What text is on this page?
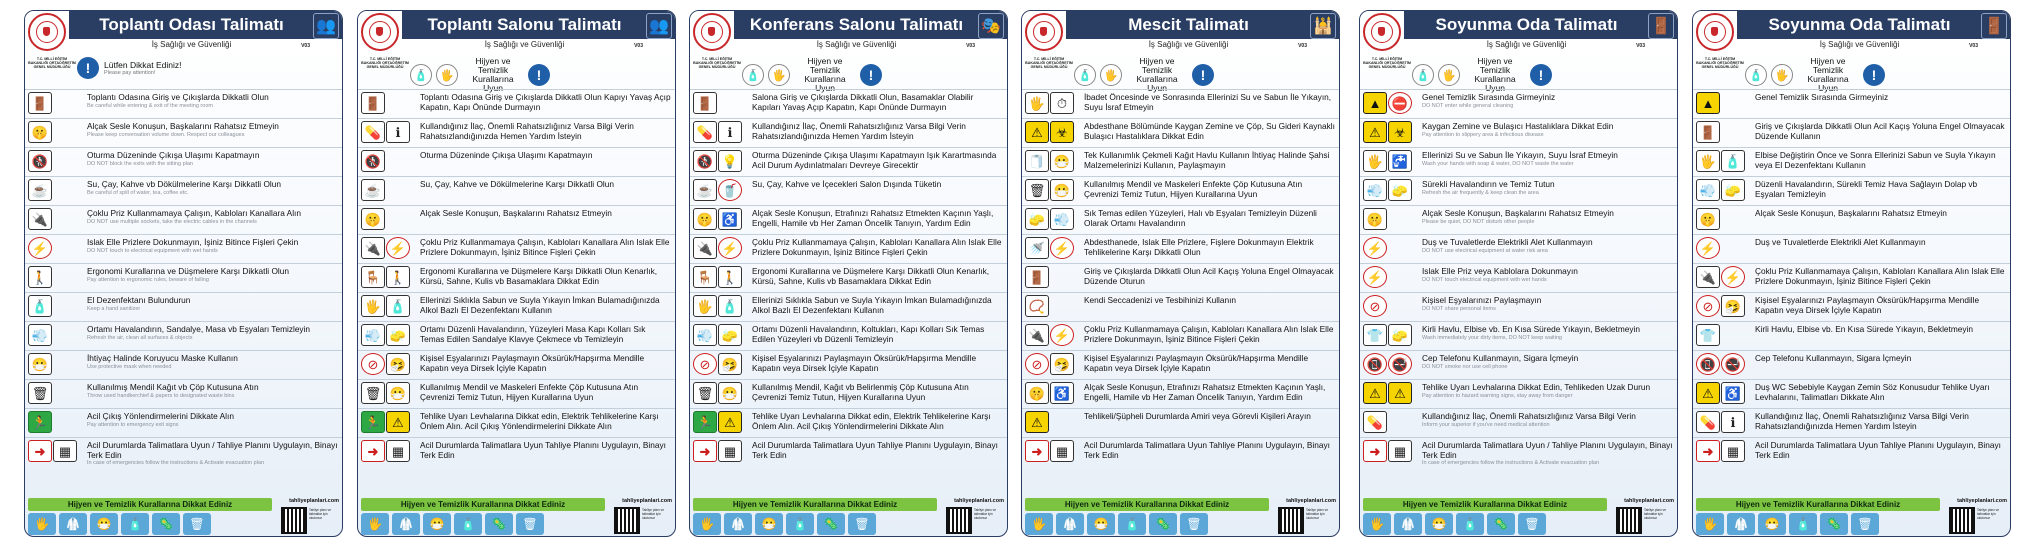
Toplantı Odası Talimatı	👥
İş Sağlığı ve Güvenliği	V03
T.C. MİLLÎ EĞİTİM BAKANLIĞI ORTAÖĞRETİM GENEL MÜDÜRLÜĞÜ	!	Lütfen Dikkat Ediniz!
Please pay attention!
🚪	Toplantı Odasına Giriş ve Çıkışlarda Dikkatli Olun
Be careful while entering & exit of the meeting room
🤫	Alçak Sesle Konuşun, Başkalarını Rahatsız Etmeyin
Please keep conversation volume down. Respect our colleagues
🚷	Oturma Düzeninde Çıkışa Ulaşımı Kapatmayın
DO NOT block the exits with the sitting plan
☕	Su, Çay, Kahve vb Dökülmelerine Karşı Dikkatli Olun
Be careful of spill of water, tea, coffee etc.
🔌	Çoklu Priz Kullanmamaya Çalışın, Kabloları Kanallara Alın
DO NOT use multiple sockets, take the electric cables in the channels
⚡	Islak Elle Prizlere Dokunmayın, İşiniz Bitince Fişleri Çekin
DO NOT touch to electrical equipment with wet hands
🚶	Ergonomi Kurallarına ve Düşmelere Karşı Dikkatli Olun
Pay attention to ergonomic rules, beware of falling
🧴	El Dezenfektanı Bulundurun
Keep a hand sanitizer
💨	Ortamı Havalandırın, Sandalye, Masa vb Eşyaları Temizleyin
Refresh the air, clean all surfaces & objects
😷	İhtiyaç Halinde Koruyucu Maske Kullanın
Use protective mask when needed
🗑	Kullanılmış Mendil Kağıt vb Çöp Kutusuna Atın
Throw used handkerchief & papers to designated waste bins
🏃	Acil Çıkış Yönlendirmelerini Dikkate Alın
Pay attention to emergency exit signs
➜	▦	Acil Durumlarda Talimatlara Uyun / Tahliye Planını Uygulayın, Binayı Terk Edin
In case of emergencies follow the instructions & Activate evacuation plan
Hijyen ve Temizlik Kurallarına Dikkat Ediniz
🖐	🥼	😷	🧴	🦠	🗑
tahliyeplanlari.com
Tahliye planı ve talimatlar için okutunuz
Toplantı Salonu Talimatı	👥
İş Sağlığı ve Güvenliği	V03
T.C. MİLLÎ EĞİTİM BAKANLIĞI ORTAÖĞRETİM GENEL MÜDÜRLÜĞÜ
🧴	🖐
Hijyen ve Temizlik Kurallarına Uyun
!
🚪	Toplantı Odasına Giriş ve Çıkışlarda Dikkatli Olun Kapıyı Yavaş Açıp Kapatın, Kapı Önünde Durmayın
💊	ℹ	Kullandığınız İlaç, Önemli Rahatsızlığınız Varsa Bilgi Verin Rahatsızlandığınızda Hemen Yardım İsteyin
🚷	Oturma Düzeninde Çıkışa Ulaşımı Kapatmayın
☕	Su, Çay, Kahve ve Dökülmelerine Karşı Dikkatli Olun
🤫	Alçak Sesle Konuşun, Başkalarını Rahatsız Etmeyin
🔌 ⚡	Çoklu Priz Kullanmamaya Çalışın, Kabloları Kanallara Alın Islak Elle Prizlere Dokunmayın, İşiniz Bitince Fişleri Çekin
🪑 🚶	Ergonomi Kurallarına ve Düşmelere Karşı Dikkatli Olun Kenarlık, Kürsü, Sahne, Kulis vb Basamaklara Dikkat Edin
🖐 🧴	Ellerinizi Sıklıkla Sabun ve Suyla Yıkayın İmkan Bulamadığınızda Alkol Bazlı El Dezenfektanı Kullanın
💨 🧽	Ortamı Düzenli Havalandırın, Yüzeyleri Masa Kapı Kolları Sık Temas Edilen Sandalye Klavye Çekmece vb Temizleyin
⊘ 🤧	Kişisel Eşyalarınızı Paylaşmayın Öksürük/Hapşırma Mendille Kapatın veya Dirsek İçiyle Kapatın
🗑 😷	Kullanılmış Mendil ve Maskeleri Enfekte Çöp Kutusuna Atın Çevrenizi Temiz Tutun, Hijyen Kurallarına Uyun
🏃 ⚠	Tehlike Uyarı Levhalarına Dikkat edin, Elektrik Tehlikelerine Karşı Önlem Alın. Acil Çıkış Yönlendirmelerini Dikkate Alın
➜	▦	Acil Durumlarda Talimatlara Uyun Tahliye Planını Uygulayın, Binayı Terk Edin
Hijyen ve Temizlik Kurallarına Dikkat Ediniz
🖐	🥼	😷	🧴	🦠	🗑
tahliyeplanlari.com
Tahliye planı ve talimatlar için okutunuz
Konferans Salonu Talimatı	🎭
İş Sağlığı ve Güvenliği	V03
T.C. MİLLÎ EĞİTİM BAKANLIĞI ORTAÖĞRETİM GENEL MÜDÜRLÜĞÜ
🧴	🖐
Hijyen ve Temizlik Kurallarına Uyun
!
🚪	Salona Giriş ve Çıkışlarda Dikkatli Olun, Basamaklar Olabilir Kapıları Yavaş Açıp Kapatın, Kapı Önünde Durmayın
💊	ℹ	Kullandığınız İlaç, Önemli Rahatsızlığınız Varsa Bilgi Verin Rahatsızlandığınızda Hemen Yardım İsteyin
🚷 💡	Oturma Düzeninde Çıkışa Ulaşımı Kapatmayın Işık Karartmasında Acil Durum Aydınlatmaları Devreye Girecektir
☕ 🥤	Su, Çay, Kahve ve İçecekleri Salon Dışında Tüketin
🤫 ♿	Alçak Sesle Konuşun, Etrafınızı Rahatsız Etmekten Kaçının Yaşlı, Engelli, Hamile vb Her Zaman Öncelik Tanıyın, Yardım Edin
🔌 ⚡	Çoklu Priz Kullanmamaya Çalışın, Kabloları Kanallara Alın Islak Elle Prizlere Dokunmayın, İşiniz Bitince Fişleri Çekin
🪑 🚶	Ergonomi Kurallarına ve Düşmelere Karşı Dikkatli Olun Kenarlık, Kürsü, Sahne, Kulis vb Basamaklara Dikkat Edin
🖐 🧴	Ellerinizi Sıklıkla Sabun ve Suyla Yıkayın İmkan Bulamadığınızda Alkol Bazlı El Dezenfektanı Kullanın
💨 🧽	Ortamı Düzenli Havalandırın, Koltukları, Kapı Kolları Sık Temas Edilen Yüzeyleri vb Düzenli Temizleyin
⊘ 🤧	Kişisel Eşyalarınızı Paylaşmayın Öksürük/Hapşırma Mendille Kapatın veya Dirsek İçiyle Kapatın
🗑 😷	Kullanılmış Mendil, Kağıt vb Belirlenmiş Çöp Kutusuna Atın Çevrenizi Temiz Tutun, Hijyen Kurallarına Uyun
🏃 ⚠	Tehlike Uyarı Levhalarına Dikkat edin, Elektrik Tehlikelerine Karşı Önlem Alın. Acil Çıkış Yönlendirmelerini Dikkate Alın
➜	▦	Acil Durumlarda Talimatlara Uyun Tahliye Planını Uygulayın, Binayı Terk Edin
Hijyen ve Temizlik Kurallarına Dikkat Ediniz
🖐	🥼	😷	🧴	🦠	🗑
tahliyeplanlari.com
Tahliye planı ve talimatlar için okutunuz
Mescit Talimatı	🕌
İş Sağlığı ve Güvenliği	V03
T.C. MİLLÎ EĞİTİM BAKANLIĞI ORTAÖĞRETİM GENEL MÜDÜRLÜĞÜ
🧴	🖐
Hijyen ve Temizlik Kurallarına Uyun
!
🖐 ⏱	İbadet Öncesinde ve Sonrasında Ellerinizi Su ve Sabun İle Yıkayın, Suyu İsraf Etmeyin
⚠	☣	Abdesthane Bölümünde Kaygan Zemine ve Çöp, Su Gideri Kaynaklı Bulaşıcı Hastalıklara Dikkat Edin
🧻 😷	Tek Kullanımlık Çekmeli Kağıt Havlu Kullanın İhtiyaç Halinde Şahsi Malzemelerinizi Kullanın, Paylaşmayın
🗑 😷	Kullanılmış Mendil ve Maskeleri Enfekte Çöp Kutusuna Atın Çevrenizi Temiz Tutun, Hijyen Kurallarına Uyun
🧽 💨	Sık Temas edilen Yüzeyleri, Halı vb Eşyaları Temizleyin Düzenli Olarak Ortamı Havalandırın
🚿 ⚡	Abdesthanede, Islak Elle Prizlere, Fişlere Dokunmayın Elektrik Tehlikelerine Karşı Dikkatli Olun
🚪	Giriş ve Çıkışlarda Dikkatli Olun Acil Kaçış Yoluna Engel Olmayacak Düzende Oturun
📿	Kendi Seccadenizi ve Tesbihinizi Kullanın
🔌 ⚡	Çoklu Priz Kullanmamaya Çalışın, Kabloları Kanallara Alın Islak Elle Prizlere Dokunmayın, İşiniz Bitince Fişleri Çekin
⊘ 🤧	Kişisel Eşyalarınızı Paylaşmayın Öksürük/Hapşırma Mendille Kapatın veya Dirsek İçiyle Kapatın
🤫 ♿	Alçak Sesle Konuşun, Etrafınızı Rahatsız Etmekten Kaçının Yaşlı, Engelli, Hamile vb Her Zaman Öncelik Tanıyın, Yardım Edin
⚠	Tehlikeli/Şüpheli Durumlarda Amiri veya Görevli Kişileri Arayın
➜	▦	Acil Durumlarda Talimatlara Uyun Tahliye Planını Uygulayın, Binayı Terk Edin
Hijyen ve Temizlik Kurallarına Dikkat Ediniz
🖐	🥼	😷	🧴	🦠	🗑
tahliyeplanlari.com
Tahliye planı ve talimatlar için okutunuz
Soyunma Oda Talimatı	🚪
İş Sağlığı ve Güvenliği	V03
T.C. MİLLÎ EĞİTİM BAKANLIĞI ORTAÖĞRETİM GENEL MÜDÜRLÜĞÜ
🧴	🖐
Hijyen ve Temizlik Kurallarına Uyun
!
▲ ⛔	Genel Temizlik Sırasında Girmeyiniz
DO NOT enter while general cleaning
⚠	☣	Kaygan Zemine ve Bulaşıcı Hastalıklara Dikkat Edin
Pay attention to slippery area & infectious disease
🖐 🚰	Ellerinizi Su ve Sabun İle Yıkayın, Suyu İsraf Etmeyin
Wash your hands with soap & water, DO NOT waste the water
💨 🧽	Sürekli Havalandırın ve Temiz Tutun
Refresh the air frequently & keep clean the area
🤫	Alçak Sesle Konuşun, Başkalarını Rahatsız Etmeyin
Please be quiet, DO NOT disturb other people
⚡	Duş ve Tuvaletlerde Elektrikli Alet Kullanmayın
DO NOT use electrical equipment at water risk area
⚡	Islak Elle Priz veya Kablolara Dokunmayın
DO NOT touch electrical equipment with wet hands
⊘	Kişisel Eşyalarınızı Paylaşmayın
DO NOT share personal items
👕 🧽	Kirli Havlu, Elbise vb. En Kısa Sürede Yıkayın, Bekletmeyin
Wash immediately your dirty items, DO NOT keep waiting
📵 🚭	Cep Telefonu Kullanmayın, Sigara İçmeyin
DO NOT smoke nor use cell phone
⚠	⚠	Tehlike Uyarı Levhalarına Dikkat Edin, Tehlikeden Uzak Durun
Pay attention to hazard warning signs, stay away from danger
💊	Kullandığınız İlaç, Önemli Rahatsızlığınız Varsa Bilgi Verin
Inform your superior if you've need medical attention
➜	▦	Acil Durumlarda Talimatlara Uyun / Tahliye Planını Uygulayın, Binayı Terk Edin
In case of emergencies follow the instructions & Activate evacuation plan
Hijyen ve Temizlik Kurallarına Dikkat Ediniz
🖐	🥼	😷	🧴	🦠	🗑
tahliyeplanlari.com
Tahliye planı ve talimatlar için okutunuz
Soyunma Oda Talimatı	🚪
İş Sağlığı ve Güvenliği	V03
T.C. MİLLÎ EĞİTİM BAKANLIĞI ORTAÖĞRETİM GENEL MÜDÜRLÜĞÜ
🧴	🖐
Hijyen ve Temizlik Kurallarına Uyun
!
▲	Genel Temizlik Sırasında Girmeyiniz
🚪	Giriş ve Çıkışlarda Dikkatli Olun Acil Kaçış Yoluna Engel Olmayacak Düzende Kullanın
🖐 🧴	Elbise Değiştirin Önce ve Sonra Ellerinizi Sabun ve Suyla Yıkayın veya El Dezenfektanı Kullanın
💨 🧽	Düzenli Havalandırın, Sürekli Temiz Hava Sağlayın Dolap vb Eşyaları Temizleyin
🤫	Alçak Sesle Konuşun, Başkalarını Rahatsız Etmeyin
⚡	Duş ve Tuvaletlerde Elektrikli Alet Kullanmayın
🔌 ⚡	Çoklu Priz Kullanmamaya Çalışın, Kabloları Kanallara Alın Islak Elle Prizlere Dokunmayın, İşiniz Bitince Fişleri Çekin
⊘ 🤧	Kişisel Eşyalarınızı Paylaşmayın Öksürük/Hapşırma Mendille Kapatın veya Dirsek İçiyle Kapatın
👕	Kirli Havlu, Elbise vb. En Kısa Sürede Yıkayın, Bekletmeyin
📵 🚭	Cep Telefonu Kullanmayın, Sigara İçmeyin
⚠ ♿	Duş WC Sebebiyle Kaygan Zemin Söz Konusudur Tehlike Uyarı Levhalarını, Talimatları Dikkate Alın
💊	ℹ	Kullandığınız İlaç, Önemli Rahatsızlığınız Varsa Bilgi Verin Rahatsızlandığınızda Hemen Yardım İsteyin
➜	▦	Acil Durumlarda Talimatlara Uyun Tahliye Planını Uygulayın, Binayı Terk Edin
Hijyen ve Temizlik Kurallarına Dikkat Ediniz
🖐	🥼	😷	🧴	🦠	🗑
tahliyeplanlari.com
Tahliye planı ve talimatlar için okutunuz
